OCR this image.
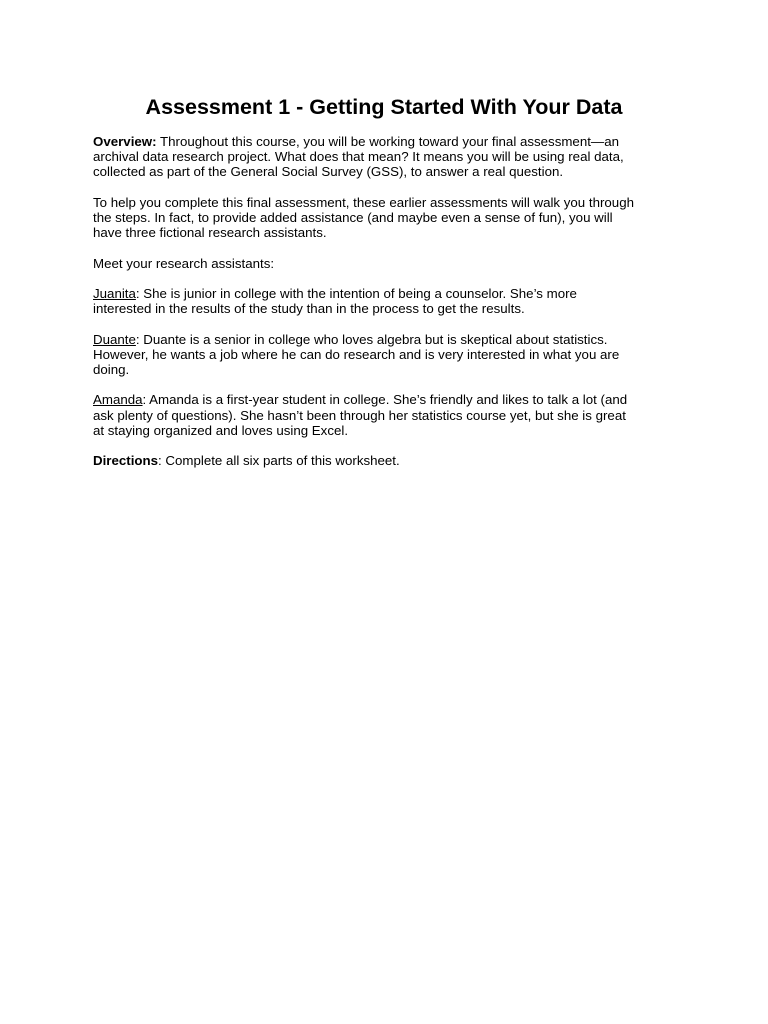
Assessment 1 - Getting Started With Your Data
Overview: Throughout this course, you will be working toward your final assessment—an
archival data research project. What does that mean? It means you will be using real data,
collected as part of the General Social Survey (GSS), to answer a real question.
To help you complete this final assessment, these earlier assessments will walk you through
the steps. In fact, to provide added assistance (and maybe even a sense of fun), you will
have three fictional research assistants.
Meet your research assistants:
Juanita: She is junior in college with the intention of being a counselor. She’s more
interested in the results of the study than in the process to get the results.
Duante: Duante is a senior in college who loves algebra but is skeptical about statistics.
However, he wants a job where he can do research and is very interested in what you are
doing.
Amanda: Amanda is a first-year student in college. She’s friendly and likes to talk a lot (and
ask plenty of questions). She hasn’t been through her statistics course yet, but she is great
at staying organized and loves using Excel.
Directions: Complete all six parts of this worksheet.
